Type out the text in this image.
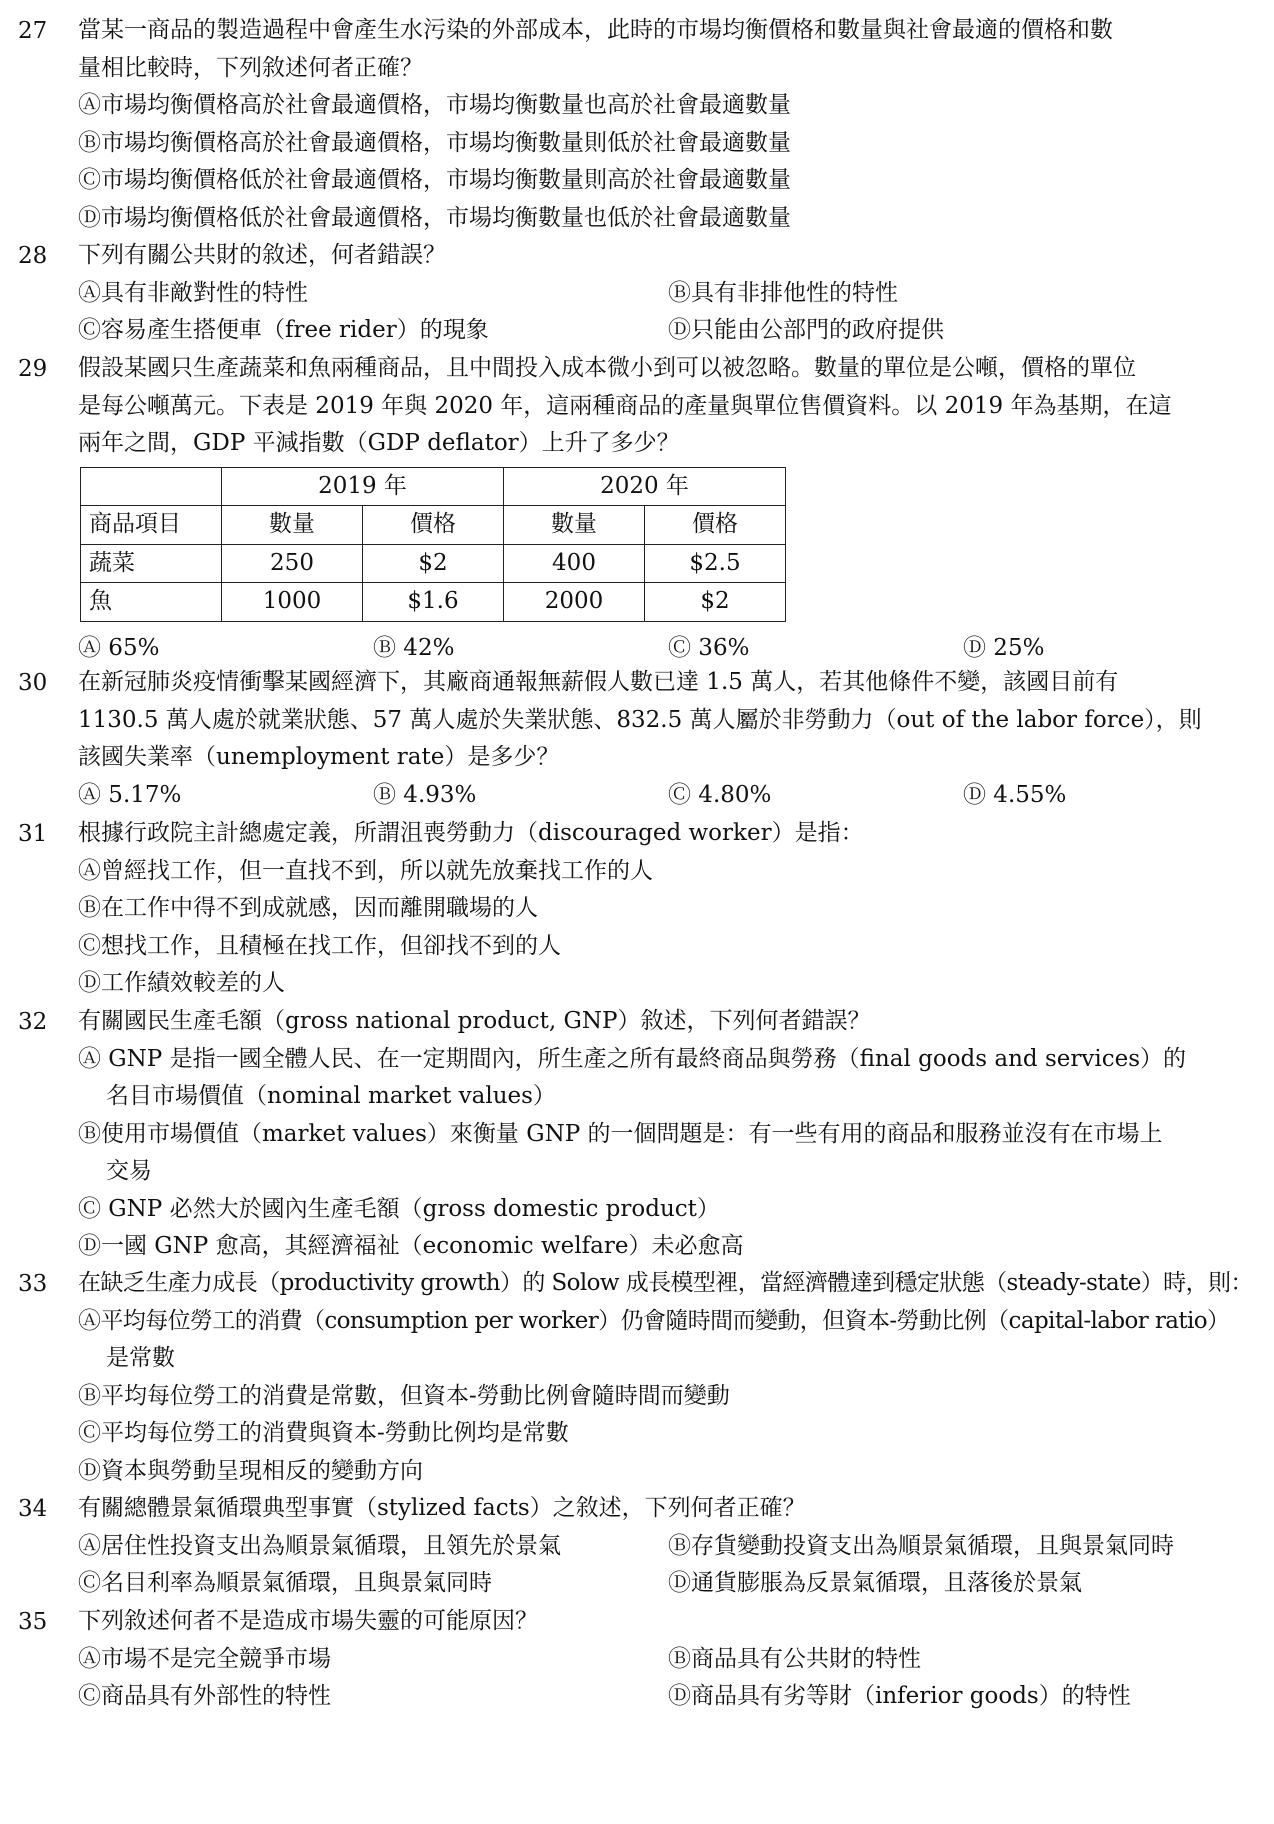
27	當某一商品的製造過程中會產生水污染的外部成本，此時的市場均衡價格和數量與社會最適的價格和數
量相比較時，下列敘述何者正確？
Ⓐ市場均衡價格高於社會最適價格，市場均衡數量也高於社會最適數量
Ⓑ市場均衡價格高於社會最適價格，市場均衡數量則低於社會最適數量
Ⓒ市場均衡價格低於社會最適價格，市場均衡數量則高於社會最適數量
Ⓓ市場均衡價格低於社會最適價格，市場均衡數量也低於社會最適數量
28	下列有關公共財的敘述，何者錯誤？
Ⓐ具有非敵對性的特性	Ⓑ具有非排他性的特性
Ⓒ容易產生搭便車（free rider）的現象	Ⓓ只能由公部門的政府提供
29	假設某國只生產蔬菜和魚兩種商品，且中間投入成本微小到可以被忽略。數量的單位是公噸，價格的單位
是每公噸萬元。下表是 2019 年與 2020 年，這兩種商品的產量與單位售價資料。以 2019 年為基期，在這
兩年之間，GDP 平減指數（GDP deflator）上升了多少？
	2019 年		2020 年	
商品項目	數量	價格	數量	價格
蔬菜	250	$2	400	$2.5
魚	1000	$1.6	2000	$2
Ⓐ 65%	Ⓑ 42%	Ⓒ 36%	Ⓓ 25%
30	在新冠肺炎疫情衝擊某國經濟下，其廠商通報無薪假人數已達 1.5 萬人，若其他條件不變，該國目前有
1130.5 萬人處於就業狀態、57 萬人處於失業狀態、832.5 萬人屬於非勞動力（out of the labor force），則
該國失業率（unemployment rate）是多少？
Ⓐ 5.17%	Ⓑ 4.93%	Ⓒ 4.80%	Ⓓ 4.55%
31	根據行政院主計總處定義，所謂沮喪勞動力（discouraged worker）是指：
Ⓐ曾經找工作，但一直找不到，所以就先放棄找工作的人
Ⓑ在工作中得不到成就感，因而離開職場的人
Ⓒ想找工作，且積極在找工作，但卻找不到的人
Ⓓ工作績效較差的人
32	有關國民生產毛額（gross national product, GNP）敘述，下列何者錯誤？
Ⓐ GNP 是指一國全體人民、在一定期間內，所生產之所有最終商品與勞務（final goods and services）的
名目市場價值（nominal market values）
Ⓑ使用市場價值（market values）來衡量 GNP 的一個問題是：有一些有用的商品和服務並沒有在市場上
交易
Ⓒ GNP 必然大於國內生產毛額（gross domestic product）
Ⓓ一國 GNP 愈高，其經濟福祉（economic welfare）未必愈高
33	在缺乏生產力成長（productivity growth）的 Solow 成長模型裡，當經濟體達到穩定狀態（steady-state）時，則：
Ⓐ平均每位勞工的消費（consumption per worker）仍會隨時間而變動，但資本-勞動比例（capital-labor ratio）
是常數
Ⓑ平均每位勞工的消費是常數，但資本-勞動比例會隨時間而變動
Ⓒ平均每位勞工的消費與資本-勞動比例均是常數
Ⓓ資本與勞動呈現相反的變動方向
34	有關總體景氣循環典型事實（stylized facts）之敘述，下列何者正確？
Ⓐ居住性投資支出為順景氣循環，且領先於景氣	Ⓑ存貨變動投資支出為順景氣循環，且與景氣同時
Ⓒ名目利率為順景氣循環，且與景氣同時	Ⓓ通貨膨脹為反景氣循環，且落後於景氣
35	下列敘述何者不是造成市場失靈的可能原因？
Ⓐ市場不是完全競爭市場	Ⓑ商品具有公共財的特性
Ⓒ商品具有外部性的特性	Ⓓ商品具有劣等財（inferior goods）的特性
